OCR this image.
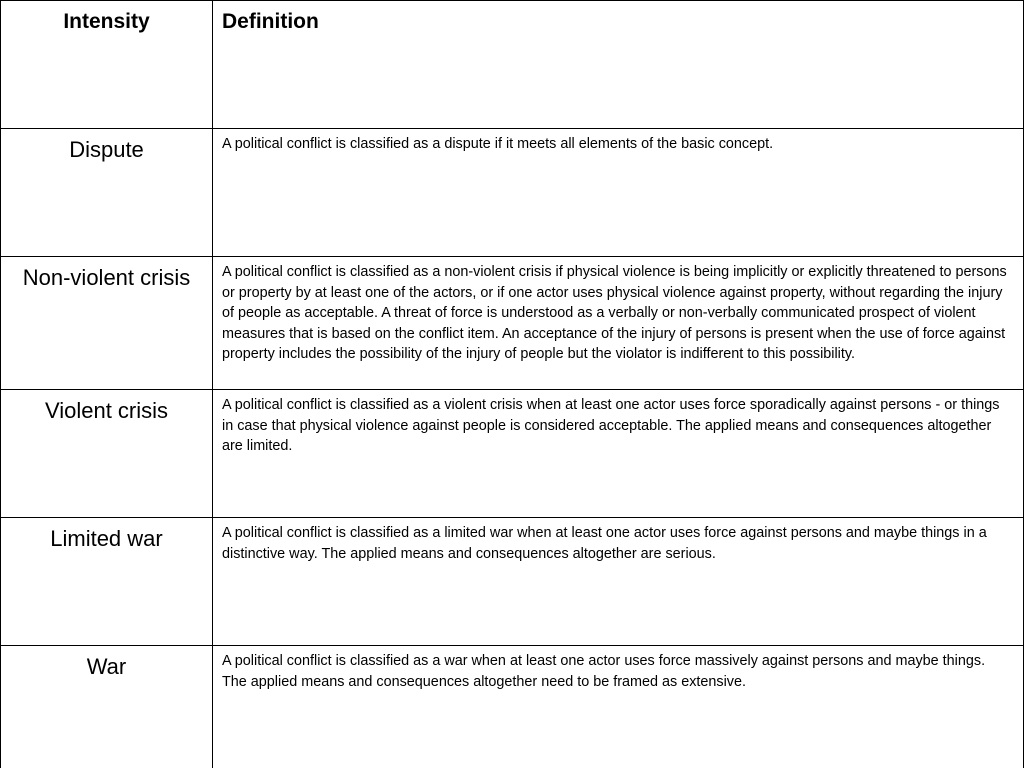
Intensity	Definition
Dispute	A political conflict is classified as a dispute if it meets all elements of the basic concept.
Non-violent crisis	A political conflict is classified as a non-violent crisis if physical violence is being implicitly or explicitly threatened to persons or property by at least one of the actors, or if one actor uses physical violence against property, without regarding the injury of people as acceptable. A threat of force is understood as a verbally or non-verbally communicated prospect of violent measures that is based on the conflict item. An acceptance of the injury of persons is present when the use of force against property includes the possibility of the injury of people but the violator is indifferent to this possibility.
Violent crisis	A political conflict is classified as a violent crisis when at least one actor uses force sporadically against persons - or things in case that physical violence against people is considered acceptable. The applied means and consequences altogether are limited.
Limited war	A political conflict is classified as a limited war when at least one actor uses force against persons and maybe things in a distinctive way. The applied means and consequences altogether are serious.
War	A political conflict is classified as a war when at least one actor uses force massively against persons and maybe things. The applied means and consequences altogether need to be framed as extensive.
